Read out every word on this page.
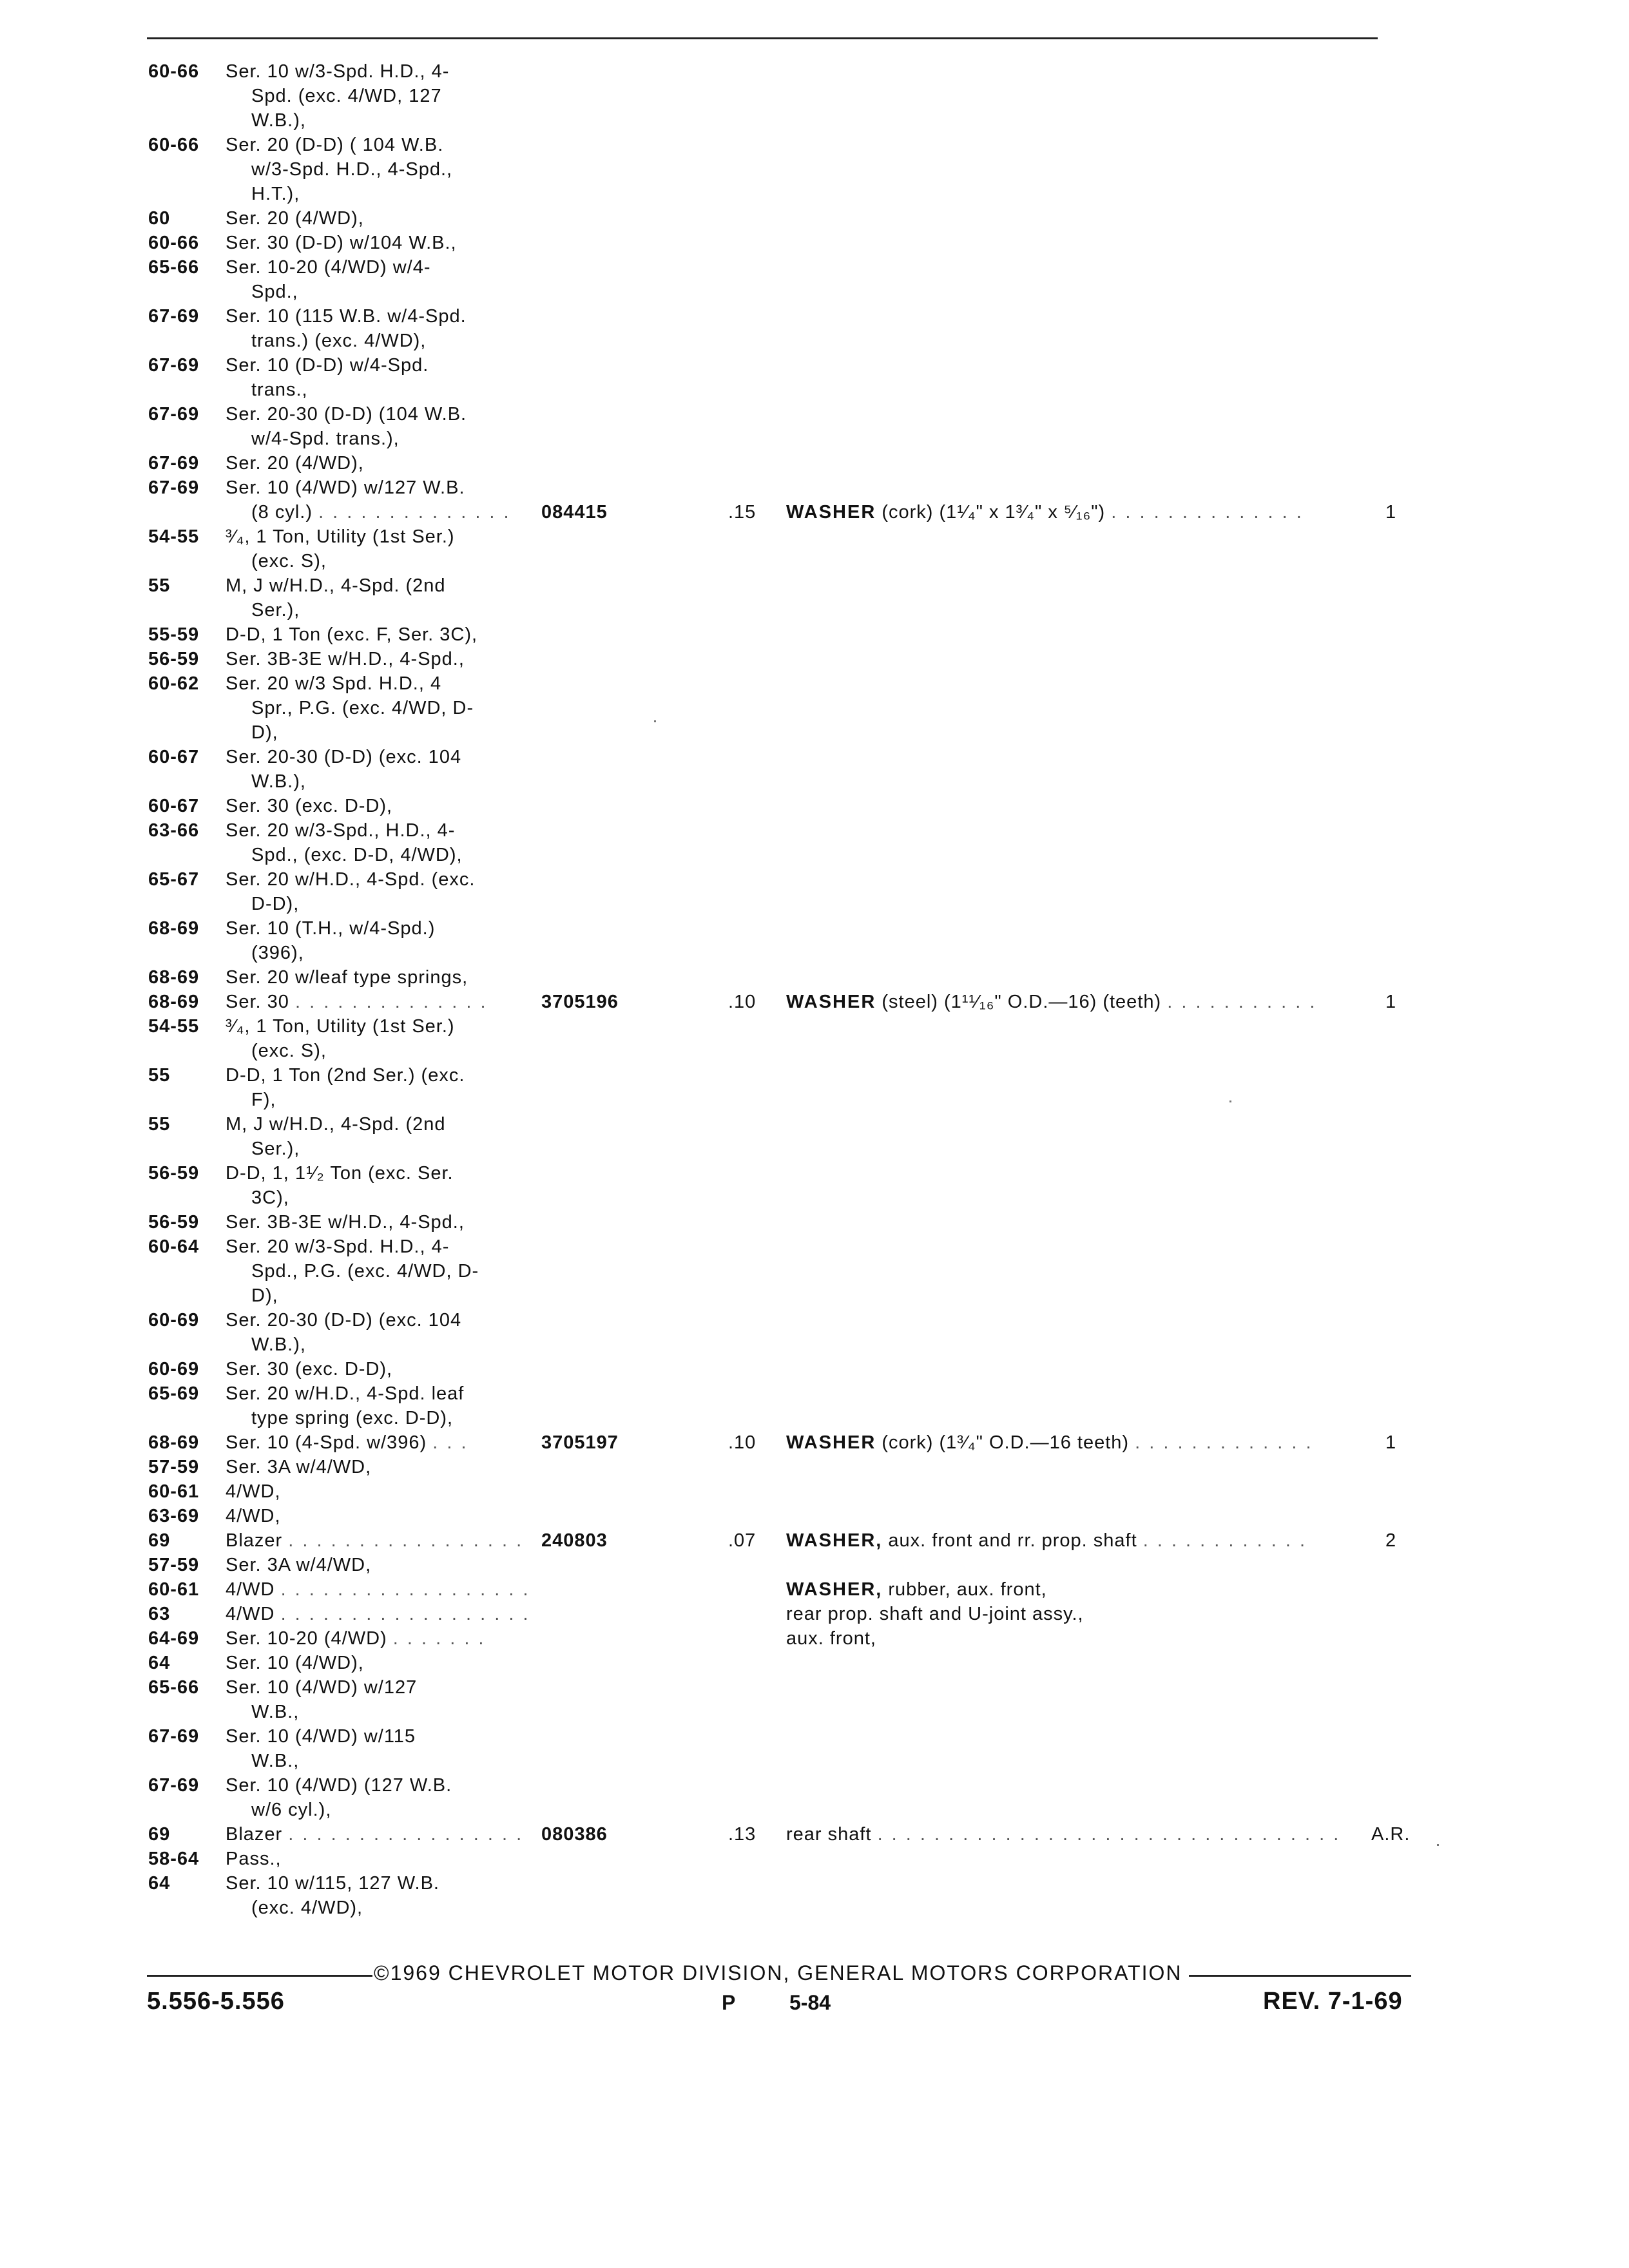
60-66 Ser. 10 w/3-Spd. H.D., 4-
Spd. (exc. 4/WD, 127
W.B.),
60-66 Ser. 20 (D-D) ( 104 W.B.
w/3-Spd. H.D., 4-Spd.,
H.T.),
60	Ser. 20 (4/WD),
60-66 Ser. 30 (D-D) w/104 W.B.,
65-66 Ser. 10-20 (4/WD) w/4-
Spd.,
67-69 Ser. 10 (115 W.B. w/4-Spd.
trans.) (exc. 4/WD),
67-69 Ser. 10 (D-D) w/4-Spd.
trans.,
67-69 Ser. 20-30 (D-D) (104 W.B.
w/4-Spd. trans.),
67-69 Ser. 20 (4/WD),
67-69 Ser. 10 (4/WD) w/127 W.B.
(8 cyl.) . . . . . . . . . . . . . . 084415	.15 WASHER (cork) (1¹⁄₄" x 1³⁄₄" x ⁵⁄₁₆") . . . . . . . . . . . . . .	1
54-55 ³⁄₄, 1 Ton, Utility (1st Ser.)
(exc. S),
55	M, J w/H.D., 4-Spd. (2nd
Ser.),
55-59 D-D, 1 Ton (exc. F, Ser. 3C),
56-59 Ser. 3B-3E w/H.D., 4-Spd.,
60-62 Ser. 20 w/3 Spd. H.D., 4
Spr., P.G. (exc. 4/WD, D-
D),
60-67 Ser. 20-30 (D-D) (exc. 104
W.B.),
60-67 Ser. 30 (exc. D-D),
63-66 Ser. 20 w/3-Spd., H.D., 4-
Spd., (exc. D-D, 4/WD),
65-67 Ser. 20 w/H.D., 4-Spd. (exc.
D-D),
68-69 Ser. 10 (T.H., w/4-Spd.)
(396),
68-69 Ser. 20 w/leaf type springs,
68-69 Ser. 30 . . . . . . . . . . . . . .	3705196	.10 WASHER (steel) (1¹¹⁄₁₆" O.D.—16) (teeth) . . . . . . . . . . .	1
54-55 ³⁄₄, 1 Ton, Utility (1st Ser.)
(exc. S),
55	D-D, 1 Ton (2nd Ser.) (exc.
F),
55	M, J w/H.D., 4-Spd. (2nd
Ser.),
56-59 D-D, 1, 1¹⁄₂ Ton (exc. Ser.
3C),
56-59 Ser. 3B-3E w/H.D., 4-Spd.,
60-64 Ser. 20 w/3-Spd. H.D., 4-
Spd., P.G. (exc. 4/WD, D-
D),
60-69 Ser. 20-30 (D-D) (exc. 104
W.B.),
60-69 Ser. 30 (exc. D-D),
65-69 Ser. 20 w/H.D., 4-Spd. leaf
type spring (exc. D-D),
68-69 Ser. 10 (4-Spd. w/396) . . .	3705197	.10 WASHER (cork) (1³⁄₄" O.D.—16 teeth) . . . . . . . . . . . . .	1
57-59 Ser. 3A w/4/WD,
60-61 4/WD,
63-69 4/WD,
69	Blazer . . . . . . . . . . . . . . . . . 240803	.07 WASHER, aux. front and rr. prop. shaft . . . . . . . . . . . .	2
57-59 Ser. 3A w/4/WD,
60-61 4/WD . . . . . . . . . . . . . . . . . .	WASHER, rubber, aux. front,
63	4/WD . . . . . . . . . . . . . . . . . .	rear prop. shaft and U-joint assy.,
64-69 Ser. 10-20 (4/WD) . . . . . . .	aux. front,
64	Ser. 10 (4/WD),
65-66 Ser. 10 (4/WD) w/127
W.B.,
67-69 Ser. 10 (4/WD) w/115
W.B.,
67-69 Ser. 10 (4/WD) (127 W.B.
w/6 cyl.),
69	Blazer . . . . . . . . . . . . . . . . . 080386	.13 rear shaft . . . . . . . . . . . . . . . . . . . . . . . . . . . . . . . . . A.R.
58-64 Pass.,
64	Ser. 10 w/115, 127 W.B.
(exc. 4/WD),
©1969 CHEVROLET MOTOR DIVISION, GENERAL MOTORS CORPORATION
5.556-5.556	P	5-84	REV. 7-1-69
